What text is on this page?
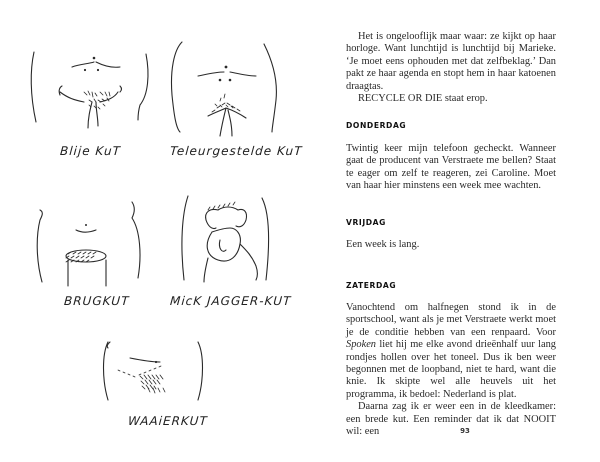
Blije KuT	Teleurgestelde KuT
BRUGKUT	MicK JAGGER-KUT
WAAiERKUT

Het is ongelooflijk maar waar: ze kijkt op haar horloge. Want lunchtijd is lunchtijd bij Marieke. ‘Je moet eens ophouden met dat zelfbeklag.’ Dan pakt ze haar agenda en stopt hem in haar katoenen draagtas.

RECYCLE OR DIE staat erop.

DONDERDAG

Twintig keer mijn telefoon gecheckt. Wanneer gaat de producent van Verstraete me bellen? Staat te eager om zelf te reageren, zei Caroline. Moet van haar hier minstens een week mee wachten.

VRIJDAG

Een week is lang.

ZATERDAG

Vanochtend om halfnegen stond ik in de sportschool, want als je met Verstraete werkt moet je de conditie hebben van een renpaard. Voor Spoken liet hij me elke avond drieënhalf uur lang rondjes hollen over het toneel. Dus ik ben weer begonnen met de loopband, niet te hard, want die knie. Ik skipte wel alle heuvels uit het programma, ik bedoel: Nederland is plat.

Daarna zag ik er weer een in de kleedkamer: een brede kut. Een reminder dat ik dat NOOIT wil: een	93
